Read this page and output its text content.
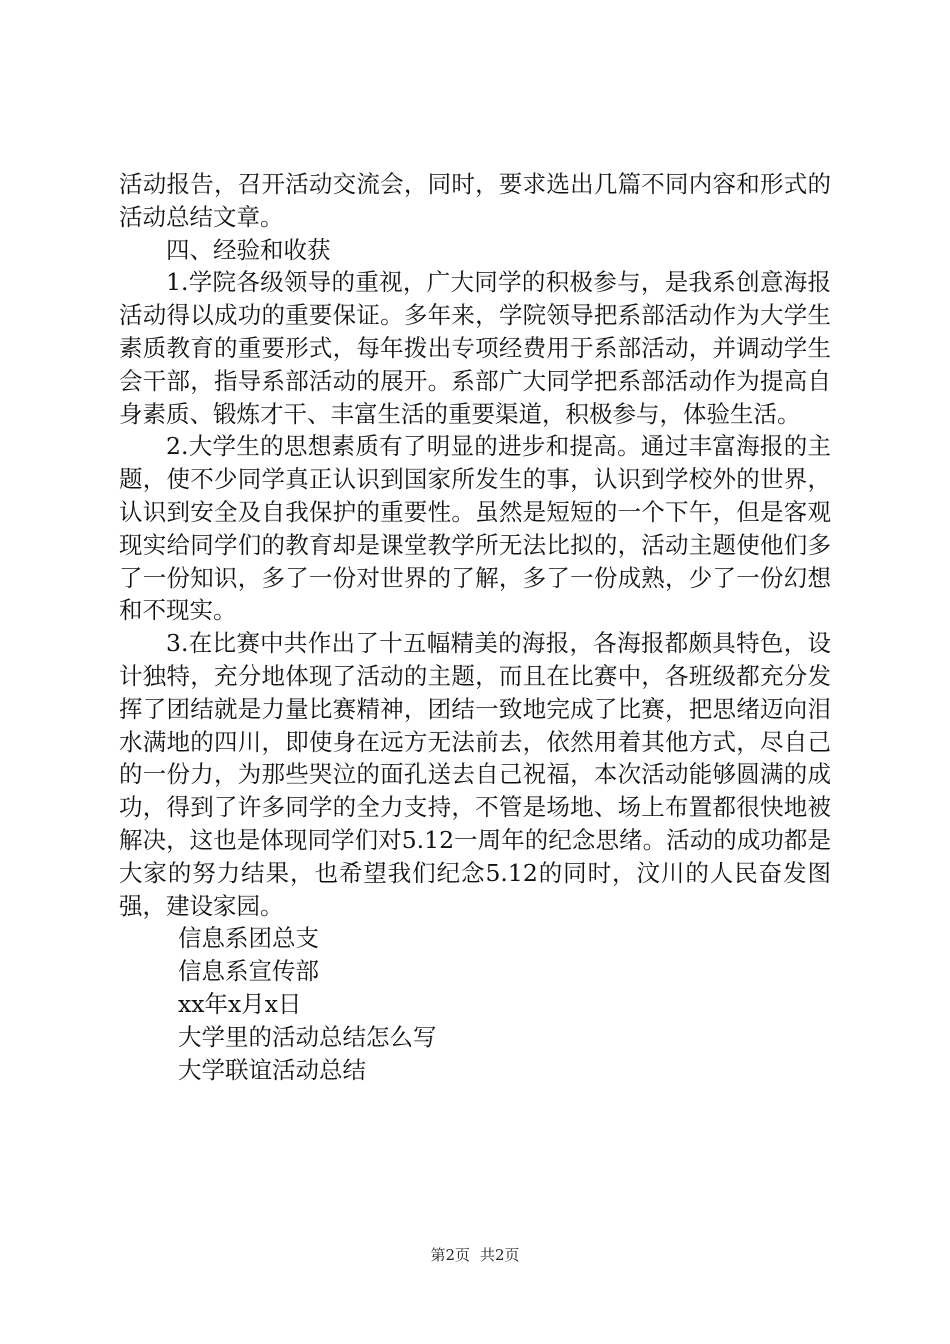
活动报告，召开活动交流会，同时，要求选出几篇不同内容和形式的活动总结文章。

四、经验和收获

1.学院各级领导的重视，广大同学的积极参与，是我系创意海报活动得以成功的重要保证。多年来，学院领导把系部活动作为大学生素质教育的重要形式，每年拨出专项经费用于系部活动，并调动学生会干部，指导系部活动的展开。系部广大同学把系部活动作为提高自身素质、锻炼才干、丰富生活的重要渠道，积极参与，体验生活。

2.大学生的思想素质有了明显的进步和提高。通过丰富海报的主题，使不少同学真正认识到国家所发生的事，认识到学校外的世界，认识到安全及自我保护的重要性。虽然是短短的一个下午，但是客观现实给同学们的教育却是课堂教学所无法比拟的，活动主题使他们多了一份知识，多了一份对世界的了解，多了一份成熟，少了一份幻想和不现实。

3.在比赛中共作出了十五幅精美的海报，各海报都颇具特色，设计独特，充分地体现了活动的主题，而且在比赛中，各班级都充分发挥了团结就是力量比赛精神，团结一致地完成了比赛，把思绪迈向泪水满地的四川，即使身在远方无法前去，依然用着其他方式，尽自己的一份力，为那些哭泣的面孔送去自己祝福，本次活动能够圆满的成功，得到了许多同学的全力支持，不管是场地、场上布置都很快地被解决，这也是体现同学们对5.12一周年的纪念思绪。活动的成功都是大家的努力结果，也希望我们纪念5.12的同时，汶川的人民奋发图强，建设家园。

信息系团总支

信息系宣传部

xx年x月x日

大学里的活动总结怎么写

大学联谊活动总结

第2页 共2页
